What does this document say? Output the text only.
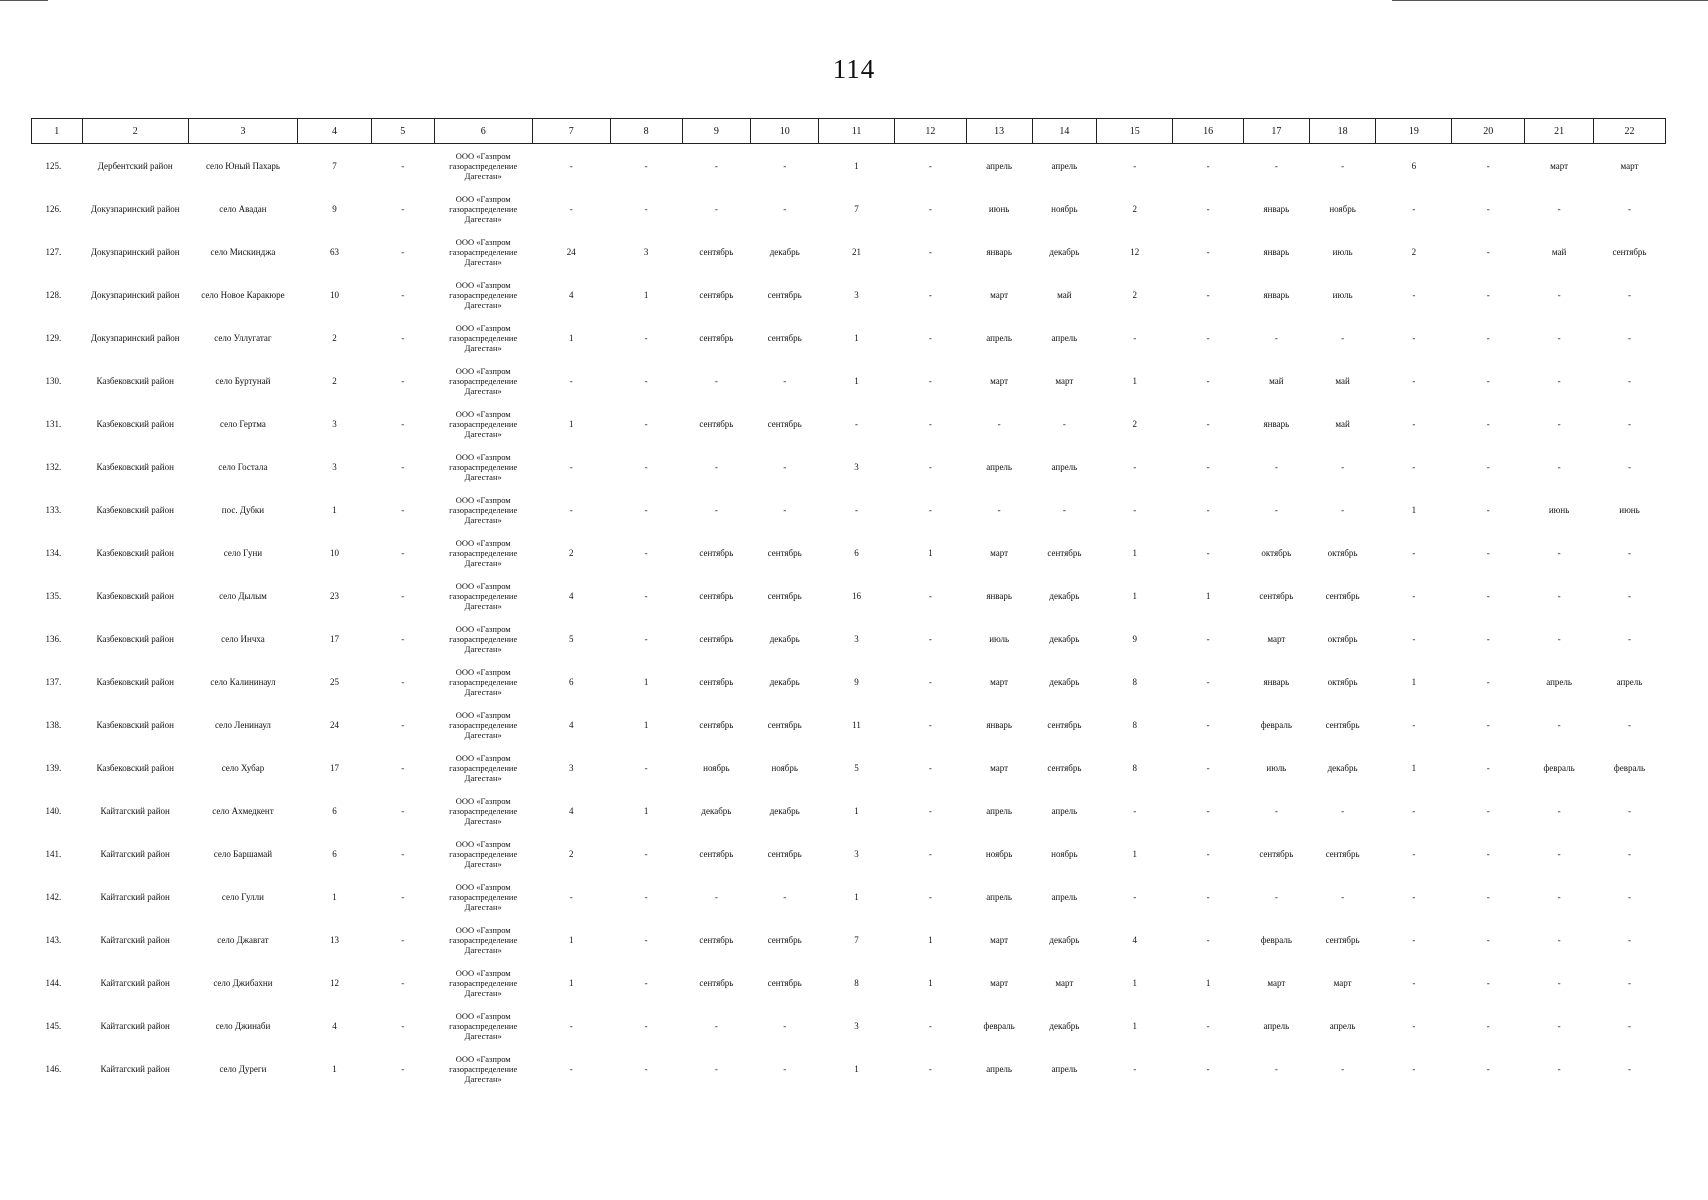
114
1	2	3	4	5	6	7	8	9	10	11	12	13	14	15	16	17	18	19	20	21	22
125.	Дербентский район	село Юный Пахарь	7	-	ООО «Газпром газораспределение Дагестан»	-	-	-	-	1	-	апрель	апрель	-	-	-	-	6	-	март	март
126.	Докузпаринский район	село Авадан	9	-	ООО «Газпром газораспределение Дагестан»	-	-	-	-	7	-	июнь	ноябрь	2	-	январь	ноябрь	-	-	-	-
127.	Докузпаринский район	село Мискинджа	63	-	ООО «Газпром газораспределение Дагестан»	24	3	сентябрь	декабрь	21	-	январь	декабрь	12	-	январь	июль	2	-	май	сентябрь
128.	Докузпаринский район	село Новое Каракюре	10	-	ООО «Газпром газораспределение Дагестан»	4	1	сентябрь	сентябрь	3	-	март	май	2	-	январь	июль	-	-	-	-
129.	Докузпаринский район	село Уллугатаг	2	-	ООО «Газпром газораспределение Дагестан»	1	-	сентябрь	сентябрь	1	-	апрель	апрель	-	-	-	-	-	-	-	-
130.	Казбековский район	село Буртунай	2	-	ООО «Газпром газораспределение Дагестан»	-	-	-	-	1	-	март	март	1	-	май	май	-	-	-	-
131.	Казбековский район	село Гертма	3	-	ООО «Газпром газораспределение Дагестан»	1	-	сентябрь	сентябрь	-	-	-	-	2	-	январь	май	-	-	-	-
132.	Казбековский район	село Гостала	3	-	ООО «Газпром газораспределение Дагестан»	-	-	-	-	3	-	апрель	апрель	-	-	-	-	-	-	-	-
133.	Казбековский район	пос. Дубки	1	-	ООО «Газпром газораспределение Дагестан»	-	-	-	-	-	-	-	-	-	-	-	-	1	-	июнь	июнь
134.	Казбековский район	село Гуни	10	-	ООО «Газпром газораспределение Дагестан»	2	-	сентябрь	сентябрь	6	1	март	сентябрь	1	-	октябрь	октябрь	-	-	-	-
135.	Казбековский район	село Дылым	23	-	ООО «Газпром газораспределение Дагестан»	4	-	сентябрь	сентябрь	16	-	январь	декабрь	1	1	сентябрь	сентябрь	-	-	-	-
136.	Казбековский район	село Инчха	17	-	ООО «Газпром газораспределение Дагестан»	5	-	сентябрь	декабрь	3	-	июль	декабрь	9	-	март	октябрь	-	-	-	-
137.	Казбековский район	село Калининаул	25	-	ООО «Газпром газораспределение Дагестан»	6	1	сентябрь	декабрь	9	-	март	декабрь	8	-	январь	октябрь	1	-	апрель	апрель
138.	Казбековский район	село Ленинаул	24	-	ООО «Газпром газораспределение Дагестан»	4	1	сентябрь	сентябрь	11	-	январь	сентябрь	8	-	февраль	сентябрь	-	-	-	-
139.	Казбековский район	село Хубар	17	-	ООО «Газпром газораспределение Дагестан»	3	-	ноябрь	ноябрь	5	-	март	сентябрь	8	-	июль	декабрь	1	-	февраль	февраль
140.	Кайтагский район	село Ахмедкент	6	-	ООО «Газпром газораспределение Дагестан»	4	1	декабрь	декабрь	1	-	апрель	апрель	-	-	-	-	-	-	-	-
141.	Кайтагский район	село Баршамай	6	-	ООО «Газпром газораспределение Дагестан»	2	-	сентябрь	сентябрь	3	-	ноябрь	ноябрь	1	-	сентябрь	сентябрь	-	-	-	-
142.	Кайтагский район	село Гулли	1	-	ООО «Газпром газораспределение Дагестан»	-	-	-	-	1	-	апрель	апрель	-	-	-	-	-	-	-	-
143.	Кайтагский район	село Джавгат	13	-	ООО «Газпром газораспределение Дагестан»	1	-	сентябрь	сентябрь	7	1	март	декабрь	4	-	февраль	сентябрь	-	-	-	-
144.	Кайтагский район	село Джибахни	12	-	ООО «Газпром газораспределение Дагестан»	1	-	сентябрь	сентябрь	8	1	март	март	1	1	март	март	-	-	-	-
145.	Кайтагский район	село Джинаби	4	-	ООО «Газпром газораспределение Дагестан»	-	-	-	-	3	-	февраль	декабрь	1	-	апрель	апрель	-	-	-	-
146.	Кайтагский район	село Дуреги	1	-	ООО «Газпром газораспределение Дагестан»	-	-	-	-	1	-	апрель	апрель	-	-	-	-	-	-	-	-
